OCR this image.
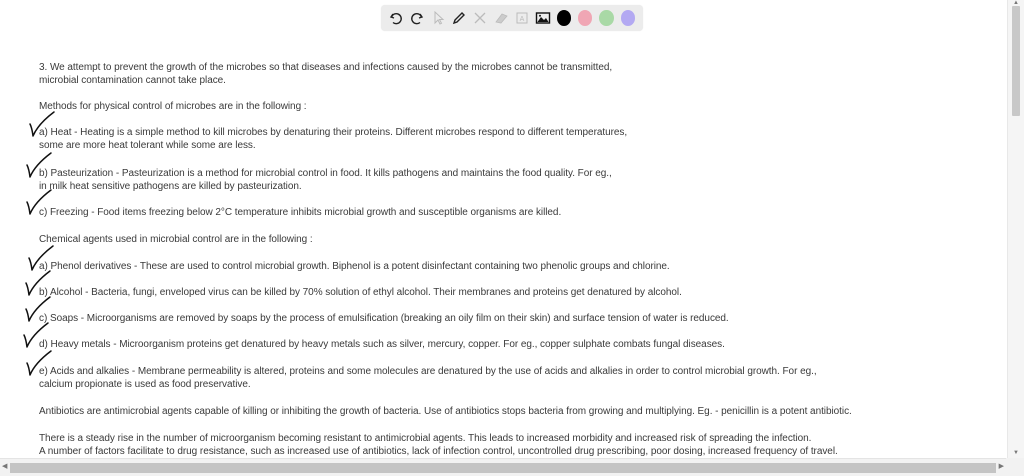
A
3. We attempt to prevent the growth of the microbes so that diseases and infections caused by the microbes cannot be transmitted,
microbial contamination cannot take place.
Methods for physical control of microbes are in the following :
a) Heat - Heating is a simple method to kill microbes by denaturing their proteins. Different microbes respond to different temperatures,
some are more heat tolerant while some are less.
b) Pasteurization - Pasteurization is a method for microbial control in food. It kills pathogens and maintains the food quality. For eg.,
in milk heat sensitive pathogens are killed by pasteurization.
c) Freezing - Food items freezing below 2°C temperature inhibits microbial growth and susceptible organisms are killed.
Chemical agents used in microbial control are in the following :
a) Phenol derivatives - These are used to control microbial growth. Biphenol is a potent disinfectant containing two phenolic groups and chlorine.
b) Alcohol - Bacteria, fungi, enveloped virus can be killed by 70% solution of ethyl alcohol. Their membranes and proteins get denatured by alcohol.
c) Soaps - Microorganisms are removed by soaps by the process of emulsification (breaking an oily film on their skin) and surface tension of water is reduced.
d) Heavy metals - Microorganism proteins get denatured by heavy metals such as silver, mercury, copper. For eg., copper sulphate combats fungal diseases.
e) Acids and alkalies - Membrane permeability is altered, proteins and some molecules are denatured by the use of acids and alkalies in order to control microbial growth. For eg.,
calcium propionate is used as food preservative.
Antibiotics are antimicrobial agents capable of killing or inhibiting the growth of bacteria. Use of antibiotics stops bacteria from growing and multiplying. Eg. - penicillin is a potent antibiotic.
There is a steady rise in the number of microorganism becoming resistant to antimicrobial agents. This leads to increased morbidity and increased risk of spreading the infection.
A number of factors facilitate to drug resistance, such as increased use of antibiotics, lack of infection control, uncontrolled drug prescribing, poor dosing, increased frequency of travel.
▲
▼
◀	▶
